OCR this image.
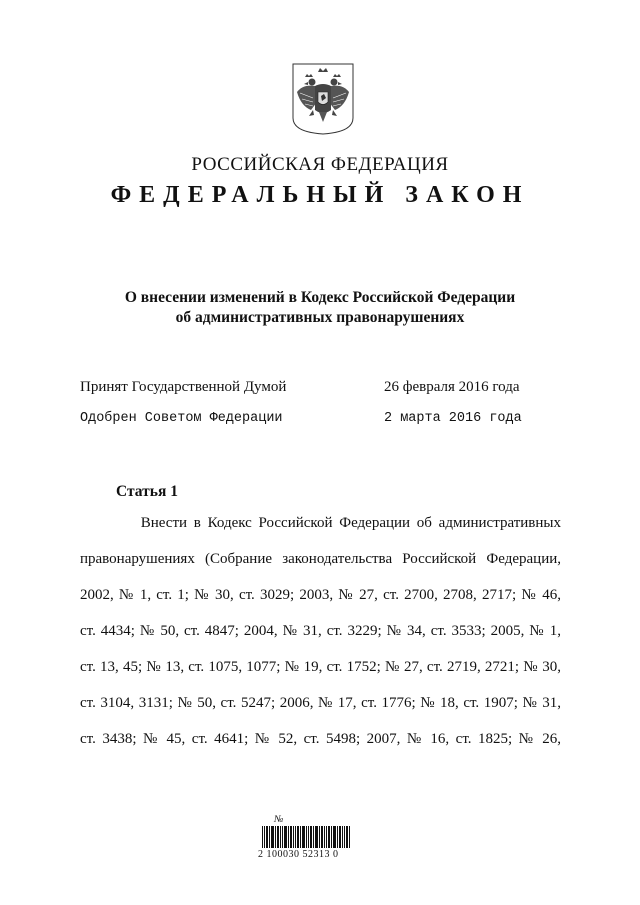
РОССИЙСКАЯ ФЕДЕРАЦИЯ
ФЕДЕРАЛЬНЫЙ ЗАКОН
О внесении изменений в Кодекс Российской Федерации
об административных правонарушениях
Принят Государственной Думой	26 февраля 2016 года
Одобрен Советом Федерации	2 марта 2016 года
Статья 1
Внести в Кодекс Российской Федерации об административных
правонарушениях (Собрание законодательства Российской Федерации,
2002, № 1, ст. 1; № 30, ст. 3029; 2003, № 27, ст. 2700, 2708, 2717; № 46,
ст. 4434; № 50, ст. 4847; 2004, № 31, ст. 3229; № 34, ст. 3533; 2005, № 1,
ст. 13, 45; № 13, ст. 1075, 1077; № 19, ст. 1752; № 27, ст. 2719, 2721; № 30,
ст. 3104, 3131; № 50, ст. 5247; 2006, № 17, ст. 1776; № 18, ст. 1907; № 31,
ст. 3438; № 45, ст. 4641; № 52, ст. 5498; 2007, № 16, ст. 1825; № 26,
№
2 100030 52313 0
